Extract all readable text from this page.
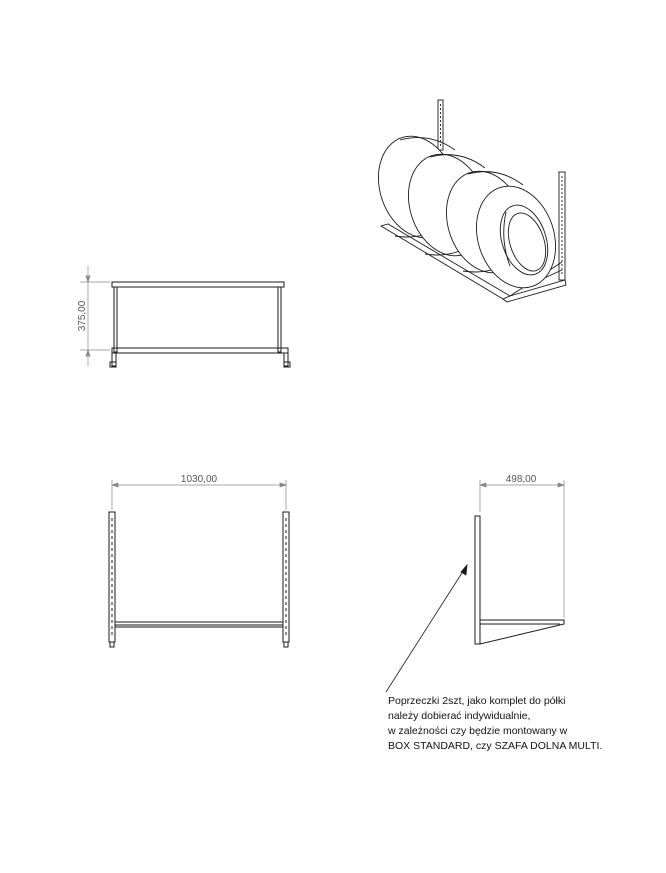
375,00
1030,00	498,00
Poprzeczki 2szt, jako komplet do półki
należy dobierać indywidualnie,
w zależności czy będzie montowany w
BOX STANDARD, czy SZAFA DOLNA MULTI.
